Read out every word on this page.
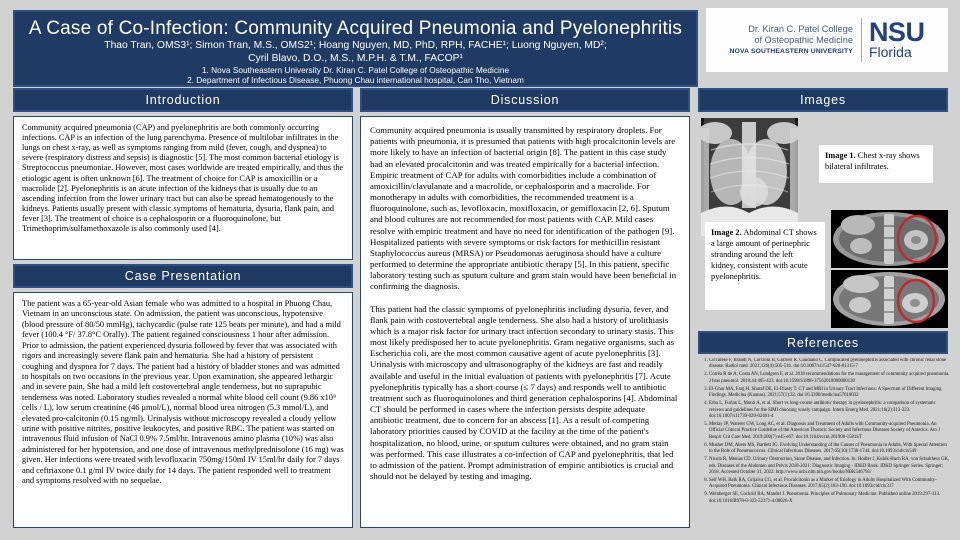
A Case of Co-Infection: Community Acquired Pneumonia and Pyelonephritis
Thao Tran, OMS3¹; Simon Tran, M.S., OMS2¹; Hoang Nguyen, MD, PhD, RPH, FACHE¹; Luong Nguyen, MD²;
Cyril Blavo, D.O., M.S., M.P.H. & T.M., FACOP¹
1. Nova Southeastern University Dr. Kiran C. Patel College of Osteopathic Medicine
2. Department of Infectious Disease, Phuong Chau international hospital, Can Tho, Vietnam
Dr. Kiran C. Patel College
of Osteopathic Medicine
NOVA SOUTHEASTERN UNIVERSITY
NSU
Florida
Introduction
Community acquired pneumonia (CAP) and pyelonephritis are both commonly occurring infections. CAP is an infection of the lung parenchyma. Presence of multilobar infiltrates in the lungs on chest x-ray, as well as symptoms ranging from mild (fever, cough, and dyspnea) to severe (respiratory distress and sepsis) is diagnostic [5]. The most common bacterial etiology is Streptococcus pneumoniae. However, most cases worldwide are treated empirically, and thus the etiologic agent is often unknown [6]. The treatment of choice for CAP is amoxicillin or a macrolide [2]. Pyelonephritis is an acute infection of the kidneys that is usually due to an ascending infection from the lower urinary tract but can also be spread hematogenously to the kidneys. Patients usually present with classic symptoms of hematuria, dysuria, flank pain, and fever [3]. The treatment of choice is a cephalosporin or a fluoroquinolone, but Trimethoprim/sulfamethoxazole is also commonly used [4].
Case Presentation
The patient was a 65-year-old Asian female who was admitted to a hospital in Phuong Chau, Vietnam in an unconscious state. On admission, the patient was unconscious, hypotensive (blood pressure of 80/50 mmHg), tachycardic (pulse rate 125 beats per minute), and had a mild fever (100.4 °F/ 37.8°C Orally). The patient regained consciousness 1 hour after admission. Prior to admission, the patient experienced dysuria followed by fever that was associated with rigors and increasingly severe flank pain and hematuria. She had a history of persistent coughing and dyspnea for 7 days. The patient had a history of bladder stones and was admitted to hospitals on two occasions in the previous year. Upon examination, she appeared lethargic and in severe pain. She had a mild left costovertebral angle tenderness, but no suprapubic tenderness was noted. Laboratory studies revealed a normal white blood cell count (9.86 x10⁹ cells / L), low serum creatinine (46 μmol/L), normal blood urea nitrogen (5.3 mmol/L), and elevated pro-calcitonin (0.15 ng/ml). Urinalysis without microscopy revealed a cloudy yellow urine with positive nitrites, positive leukocytes, and positive RBC. The patient was started on intravenous fluid infusion of NaCl 0.9% 7.5ml/hr. Intravenous amino plasma (10%) was also administered for her hypotension, and one dose of intravenous methylprednisolone (16 mg) was given. Her infections were treated with levofloxacin 750mg/150ml IV 15ml/hr daily for 7 days and ceftriaxone 0.1 g/ml IV twice daily for 14 days. The patient responded well to treatment and symptoms resolved with no sequelae.
Discussion

Community acquired pneumonia is usually transmitted by respiratory droplets. For patients with pneumonia, it is presumed that patients with high procalcitonin levels are more likely to have an infection of bacterial origin [8]. The patient in this case study had an elevated procalcitonin and was treated empirically for a bacterial infection. Empiric treatment of CAP for adults with comorbidities include a combination of amoxicillin/clavulanate and a macrolide, or cephalosporin and a macrolide. For monotherapy in adults with comorbidities, the recommended treatment is a fluoroquinolone, such as, levofloxacin, moxifloxacin, or gemifloxacin [2, 6]. Sputum and blood cultures are not recommended for most patients with CAP. Mild cases resolve with empiric treatment and have no need for identification of the pathogen [9]. Hospitalized patients with severe symptoms or risk factors for methicillin resistant Staphylococcus aureus (MRSA) or Pseudomonas aeruginosa should have a culture performed to determine the appropriate antibiotic therapy [5]. In this patient, specific laboratory testing such as sputum culture and gram stain would have been beneficial in confirming the diagnosis.

This patient had the classic symptoms of pyelonephritis including dysuria, fever, and flank pain with costovertebral angle tenderness. She also had a history of urolithiasis which is a major risk factor for urinary tract infection secondary to urinary stasis. This most likely predisposed her to acute pyelonephritis. Gram negative organisms, such as Escherichia coli, are the most common causative agent of acute pyelonephritis [3]. Urinalysis with microscopy and ultrasonography of the kidneys are fast and readily available and useful in the initial evaluation of patients with pyelonephritis [7]. Acute pyelonephritis typically has a short course (≤ 7 days) and responds well to antibiotic treatment such as fluoroquinolones and third generation cephalosporins [4]. Abdominal CT should be performed in cases where the infection persists despite adequate antibiotic treatment, due to concern for an abscess [1]. As a result of competing laboratory priorities caused by COVID at the facility at the time of the patient's hospitalization, no blood, urine, or sputum cultures were obtained, and no gram stain was performed. This case illustrates a co-infection of CAP and pyelonephritis, that led to admission of the patient. Prompt administration of empiric antibiotics is crucial and should not be delayed by testing and imaging.

Images
Image 1. Chest x-ray shows bilateral infiltrates.
Image 2. Abdominal CT shows a large amount of perinephric stranding around the left kidney, consistent with acute pyelonephritis.
References
1. Ciccarese F, Brandi N, Corcioni B, Golfieri R, Gaudiano C. Complicated pyelonephritis associated with chronic renal stone disease. Radiol med. 2021;126(4):505-516. doi:10.1007/s11547-020-01315-7
2. Corrêa R de A, Costa AN, Lundgren F, et al. 2018 recommendations for the management of community acquired pneumonia. J bras pneumol. 2018;44:405-423. doi:10.1590/S1806-37562018000000130
3. El-Ghar MA, Farg H, Sharaf DE, El-Diasty T. CT and MRI in Urinary Tract Infections: A Spectrum of Different Imaging Findings. Medicina (Kaunas). 2021;57(1):32. doi:10.3390/medicina57010032
4. Erba L, Furlan L, Monti A, et al. Short vs long-course antibiotic therapy in pyelonephritis: a comparison of systematic reviews and guidelines for the SIMI choosing wisely campaign. Intern Emerg Med. 2021;16(2):313-323. doi:10.1007/s11739-020-02401-4
5. Metlay JP, Waterer GW, Long AC, et al. Diagnosis and Treatment of Adults with Community-acquired Pneumonia. An Official Clinical Practice Guideline of the American Thoracic Society and Infectious Diseases Society of America. Am J Respir Crit Care Med. 2019;200(7):e45-e67. doi:10.1164/rccm.201908-1581ST
6. Musher DM, Abers MS, Bartlett JG. Evolving Understanding of the Causes of Pneumonia in Adults, With Special Attention to the Role of Pneumococcus. Clinical Infectious Diseases. 2017;65(10):1736-1744. doi:10.1093/cid/cix549
7. Nicola R, Menias CD. Urinary Obstruction, Stone Disease, and Infection. In: Hodler J, Kubik-Huch RA, von Schulthess GK, eds. Diseases of the Abdomen and Pelvis 2018-2021: Diagnostic Imaging - IDKD Book. IDKD Springer Series. Springer; 2018. Accessed October 31, 2022. http://www.ncbi.nlm.nih.gov/books/NBK546795/
8. Self WH, Balk RA, Grijalva CG, et al. Procalcitonin as a Marker of Etiology in Adults Hospitalized With Community-Acquired Pneumonia. Clinical Infectious Diseases. 2017;65(2):183-190. doi:10.1093/cid/cix317
9. Weinberger SE, Cockrill BA, Mandel J. Pneumonia. Principles of Pulmonary Medicine. Published online 2019:297-313. doi:10.1016/B978-0-323-52371-4.00026-X
